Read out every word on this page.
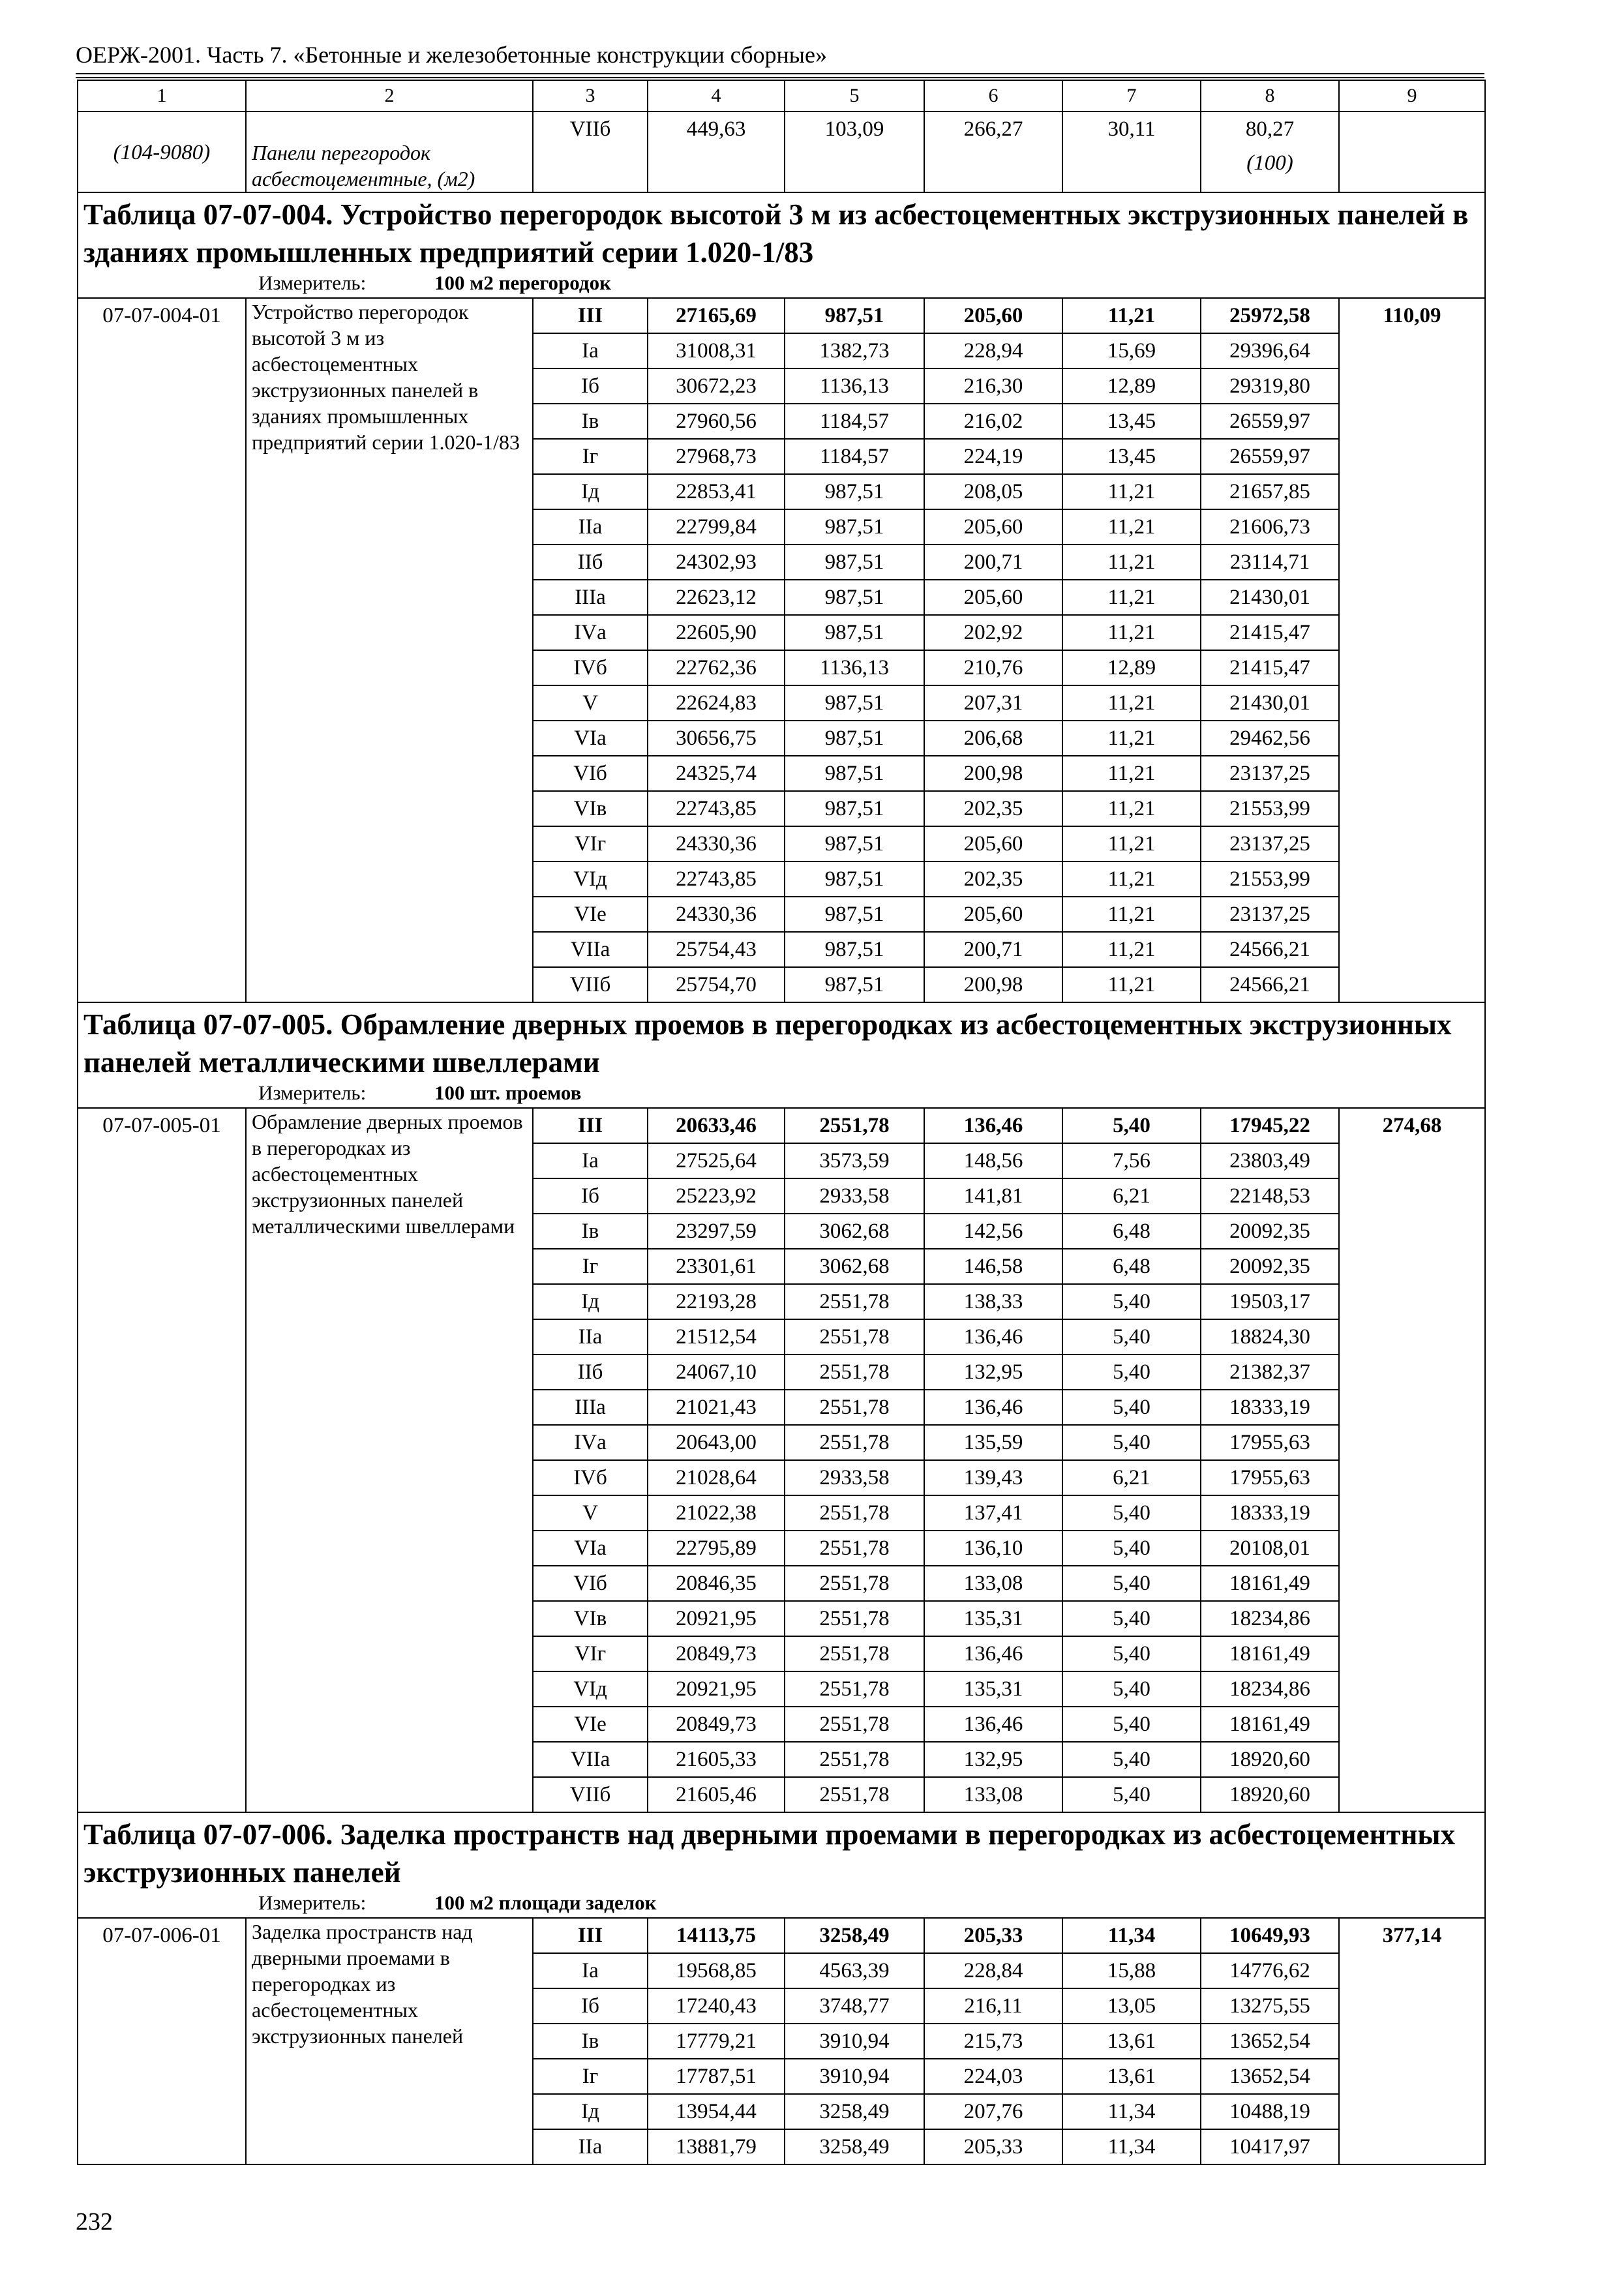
ОЕРЖ-2001. Часть 7. «Бетонные и железобетонные конструкции сборные»
1	2	3	4	5	6	7	8	9

(104-9080)	Панели перегородок асбестоцементные, (м2)	VIIб	449,63	103,09	266,27	30,11	80,27
(100)	

Таблица 07-07-004. Устройство перегородок высотой 3 м из асбестоцементных экструзионных панелей в зданиях промышленных предприятий серии 1.020-1/83								
Измеритель: 100 м2 перегородок								
07-07-004-01	Устройство перегородок высотой 3 м из асбестоцементных экструзионных панелей в зданиях промышленных предприятий серии 1.020-1/83	III	27165,69	987,51	205,60	11,21	25972,58	110,09
		Iа	31008,31	1382,73	228,94	15,69	29396,64	
		Iб	30672,23	1136,13	216,30	12,89	29319,80	
		Iв	27960,56	1184,57	216,02	13,45	26559,97	
		Iг	27968,73	1184,57	224,19	13,45	26559,97	
		Iд	22853,41	987,51	208,05	11,21	21657,85	
		IIа	22799,84	987,51	205,60	11,21	21606,73	
		IIб	24302,93	987,51	200,71	11,21	23114,71	
		IIIа	22623,12	987,51	205,60	11,21	21430,01	
		IVа	22605,90	987,51	202,92	11,21	21415,47	
		IVб	22762,36	1136,13	210,76	12,89	21415,47	
		V	22624,83	987,51	207,31	11,21	21430,01	
		VIа	30656,75	987,51	206,68	11,21	29462,56	
		VIб	24325,74	987,51	200,98	11,21	23137,25	
		VIв	22743,85	987,51	202,35	11,21	21553,99	
		VIг	24330,36	987,51	205,60	11,21	23137,25	
		VIд	22743,85	987,51	202,35	11,21	21553,99	
		VIе	24330,36	987,51	205,60	11,21	23137,25	
		VIIа	25754,43	987,51	200,71	11,21	24566,21	
		VIIб	25754,70	987,51	200,98	11,21	24566,21	
Таблица 07-07-005. Обрамление дверных проемов в перегородках из асбестоцементных экструзионных панелей металлическими швеллерами								
Измеритель: 100 шт. проемов								
07-07-005-01	Обрамление дверных проемов в перегородках из асбестоцементных экструзионных панелей металлическими швеллерами	III	20633,46	2551,78	136,46	5,40	17945,22	274,68
		Iа	27525,64	3573,59	148,56	7,56	23803,49	
		Iб	25223,92	2933,58	141,81	6,21	22148,53	
		Iв	23297,59	3062,68	142,56	6,48	20092,35	
		Iг	23301,61	3062,68	146,58	6,48	20092,35	
		Iд	22193,28	2551,78	138,33	5,40	19503,17	
		IIа	21512,54	2551,78	136,46	5,40	18824,30	
		IIб	24067,10	2551,78	132,95	5,40	21382,37	
		IIIа	21021,43	2551,78	136,46	5,40	18333,19	
		IVа	20643,00	2551,78	135,59	5,40	17955,63	
		IVб	21028,64	2933,58	139,43	6,21	17955,63	
		V	21022,38	2551,78	137,41	5,40	18333,19	
		VIа	22795,89	2551,78	136,10	5,40	20108,01	
		VIб	20846,35	2551,78	133,08	5,40	18161,49	
		VIв	20921,95	2551,78	135,31	5,40	18234,86	
		VIг	20849,73	2551,78	136,46	5,40	18161,49	
		VIд	20921,95	2551,78	135,31	5,40	18234,86	
		VIе	20849,73	2551,78	136,46	5,40	18161,49	
		VIIа	21605,33	2551,78	132,95	5,40	18920,60	
		VIIб	21605,46	2551,78	133,08	5,40	18920,60	
Таблица 07-07-006. Заделка пространств над дверными проемами в перегородках из асбестоцементных экструзионных панелей								
Измеритель: 100 м2 площади заделок								
07-07-006-01	Заделка пространств над дверными проемами в перегородках из асбестоцементных экструзионных панелей	III	14113,75	3258,49	205,33	11,34	10649,93	377,14
		Iа	19568,85	4563,39	228,84	15,88	14776,62	
		Iб	17240,43	3748,77	216,11	13,05	13275,55	
		Iв	17779,21	3910,94	215,73	13,61	13652,54	
		Iг	17787,51	3910,94	224,03	13,61	13652,54	
		Iд	13954,44	3258,49	207,76	11,34	10488,19	
		IIа	13881,79	3258,49	205,33	11,34	10417,97	
232
